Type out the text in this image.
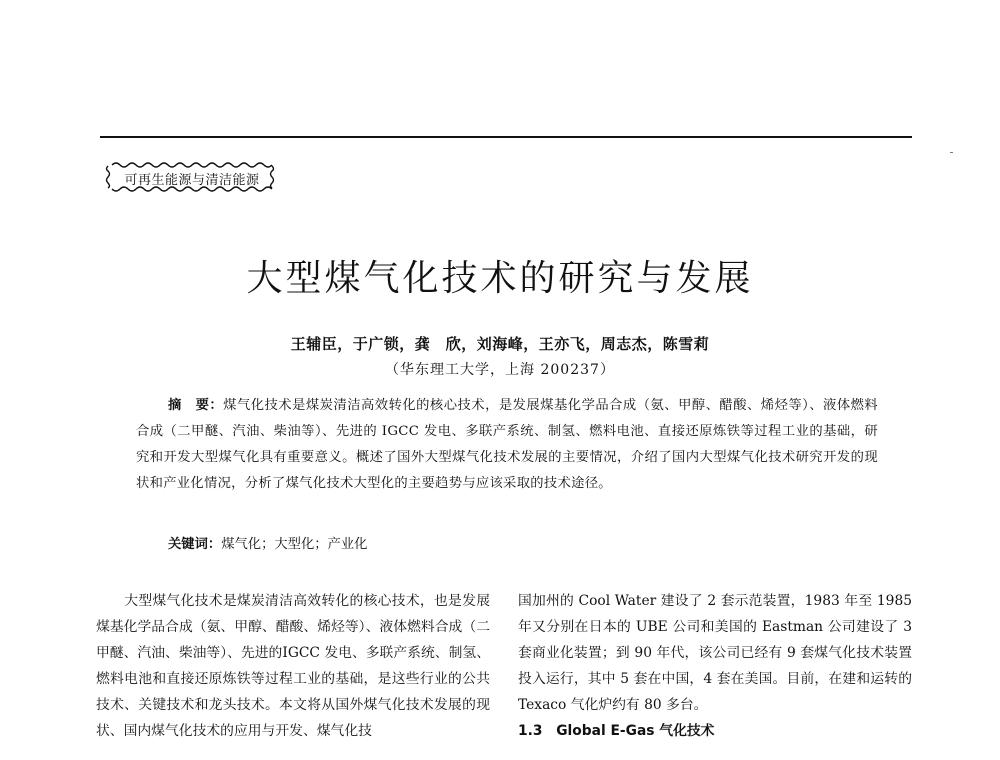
可再生能源与清洁能源
大型煤气化技术的研究与发展
王辅臣，于广锁，龚　欣，刘海峰，王亦飞，周志杰，陈雪莉
（华东理工大学，上海 200237）
摘　要：煤气化技术是煤炭清洁高效转化的核心技术，是发展煤基化学品合成（氨、甲醇、醋酸、烯烃等）、液体燃料合成（二甲醚、汽油、柴油等）、先进的 IGCC 发电、多联产系统、制氢、燃料电池、直接还原炼铁等过程工业的基础，研究和开发大型煤气化具有重要意义。概述了国外大型煤气化技术发展的主要情况，介绍了国内大型煤气化技术研究开发的现状和产业化情况，分析了煤气化技术大型化的主要趋势与应该采取的技术途径。
关键词：煤气化；大型化；产业化
大型煤气化技术是煤炭清洁高效转化的核心技术，也是发展煤基化学品合成（氨、甲醇、醋酸、烯烃等）、液体燃料合成（二甲醚、汽油、柴油等）、先进的IGCC 发电、多联产系统、制氢、燃料电池和直接还原炼铁等过程工业的基础，是这些行业的公共技术、关键技术和龙头技术。本文将从国外煤气化技术发展的现状、国内煤气化技术的应用与开发、煤气化技
国加州的 Cool Water 建设了 2 套示范装置，1983 年至 1985 年又分别在日本的 UBE 公司和美国的 Eastman 公司建设了 3 套商业化装置；到 90 年代，该公司已经有 9 套煤气化技术装置投入运行，其中 5 套在中国，4 套在美国。目前，在建和运转的 Texaco 气化炉约有 80 多台。
1.3　Global E-Gas 气化技术
